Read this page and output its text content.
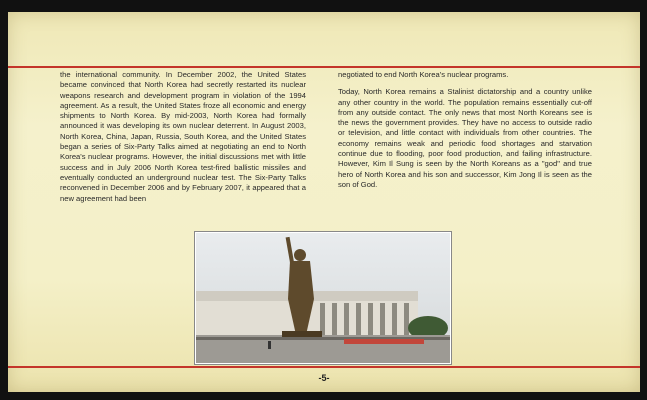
the international community. In December 2002, the United States became convinced that North Korea had secretly restarted its nuclear weapons research and development program in violation of the 1994 agreement. As a result, the United States froze all economic and energy shipments to North Korea. By mid-2003, North Korea had formally announced it was developing its own nuclear deterrent. In August 2003, North Korea, China, Japan, Russia, South Korea, and the United States began a series of Six-Party Talks aimed at negotiating an end to North Korea's nuclear programs. However, the initial discussions met with little success and in July 2006 North Korea test-fired ballistic missiles and eventually conducted an underground nuclear test. The Six-Party Talks reconvened in December 2006 and by February 2007, it appeared that a new agreement had been

negotiated to end North Korea's nuclear programs.

Today, North Korea remains a Stalinist dictatorship and a country unlike any other country in the world. The population remains essentially cut-off from any outside contact. The only news that most North Koreans see is the news the government provides. They have no access to outside radio or television, and little contact with individuals from other countries. The economy remains weak and periodic food shortages and starvation continue due to flooding, poor food production, and failing infrastructure. However, Kim Il Sung is seen by the North Koreans as a "god" and true hero of North Korea and his son and successor, Kim Jong Il is seen as the son of God.

-5-
